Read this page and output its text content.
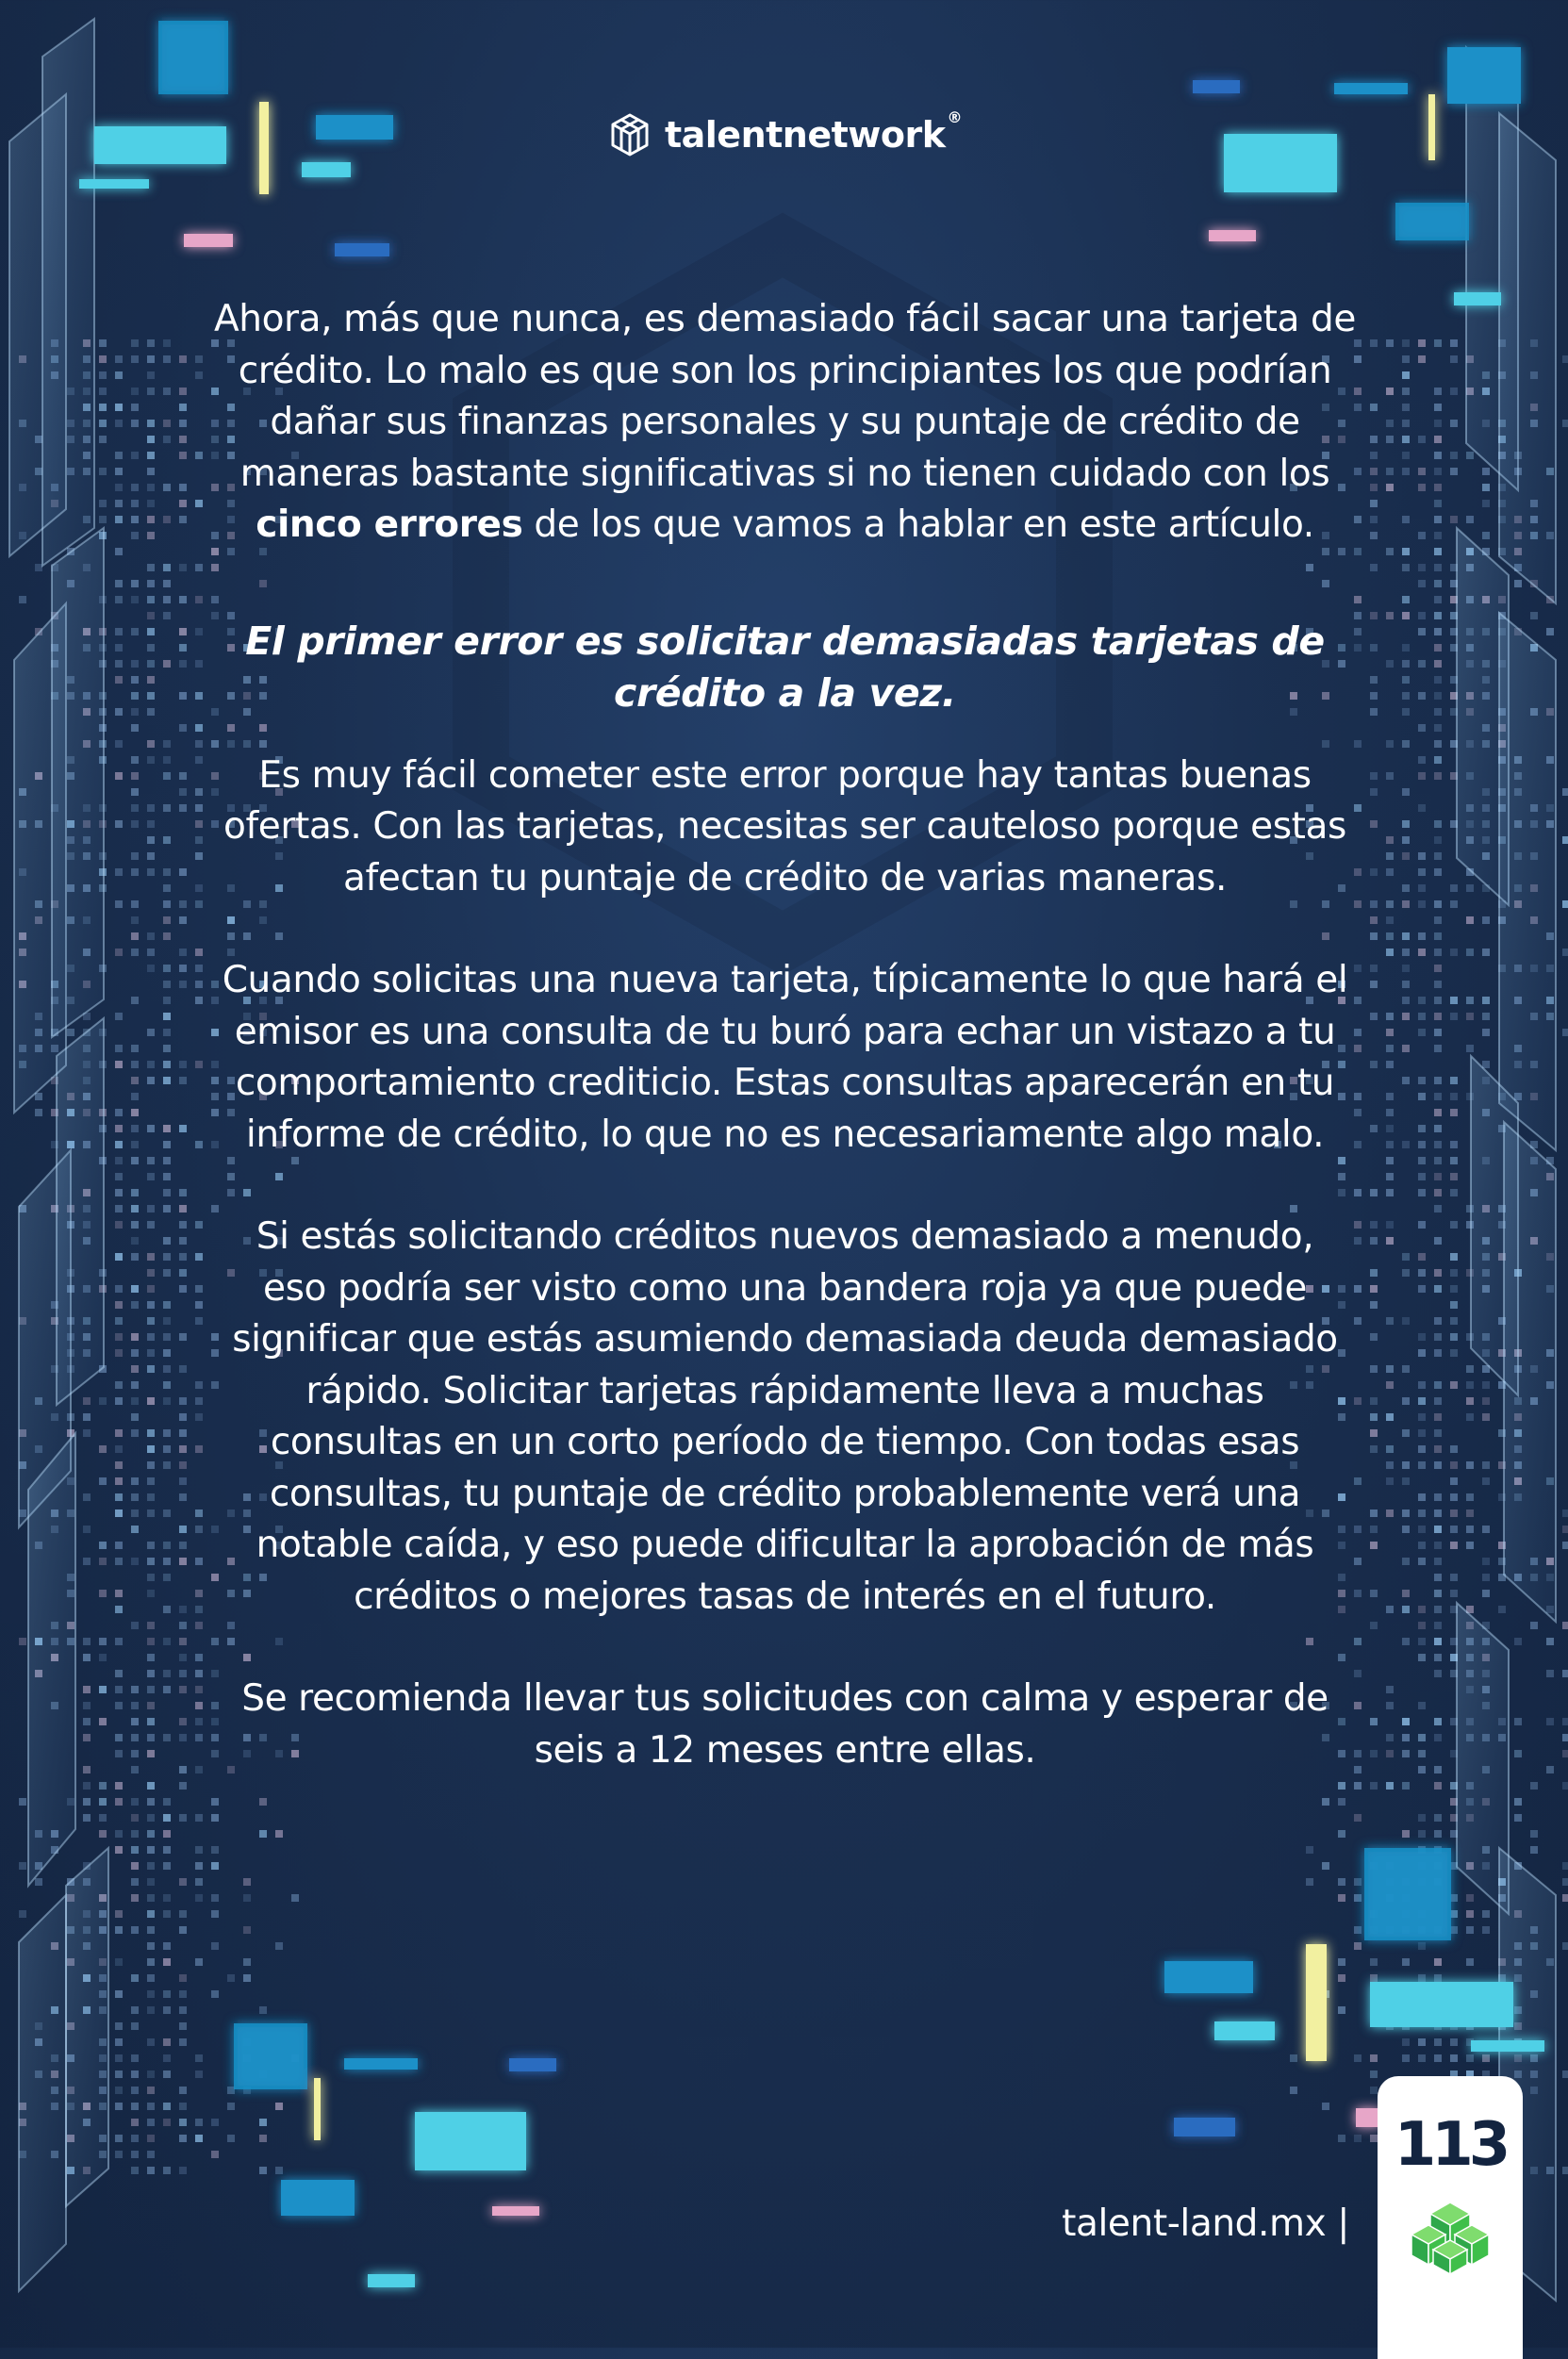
talentnetwork ®

Ahora, más que nunca, es demasiado fácil sacar una tarjeta de crédito. Lo malo es que son los principiantes los que podrían dañar sus finanzas personales y su puntaje de crédito de maneras bastante significativas si no tienen cuidado con los cinco errores de los que vamos a hablar en este artículo.

El primer error es solicitar demasiadas tarjetas de crédito a la vez.

Es muy fácil cometer este error porque hay tantas buenas ofertas. Con las tarjetas, necesitas ser cauteloso porque estas afectan tu puntaje de crédito de varias maneras.

Cuando solicitas una nueva tarjeta, típicamente lo que hará el emisor es una consulta de tu buró para echar un vistazo a tu comportamiento crediticio. Estas consultas aparecerán en tu informe de crédito, lo que no es necesariamente algo malo.

Si estás solicitando créditos nuevos demasiado a menudo, eso podría ser visto como una bandera roja ya que puede significar que estás asumiendo demasiada deuda demasiado rápido. Solicitar tarjetas rápidamente lleva a muchas consultas en un corto período de tiempo. Con todas esas consultas, tu puntaje de crédito probablemente verá una notable caída, y eso puede dificultar la aprobación de más créditos o mejores tasas de interés en el futuro.

Se recomienda llevar tus solicitudes con calma y esperar de seis a 12 meses entre ellas.

talent-land.mx |
113
